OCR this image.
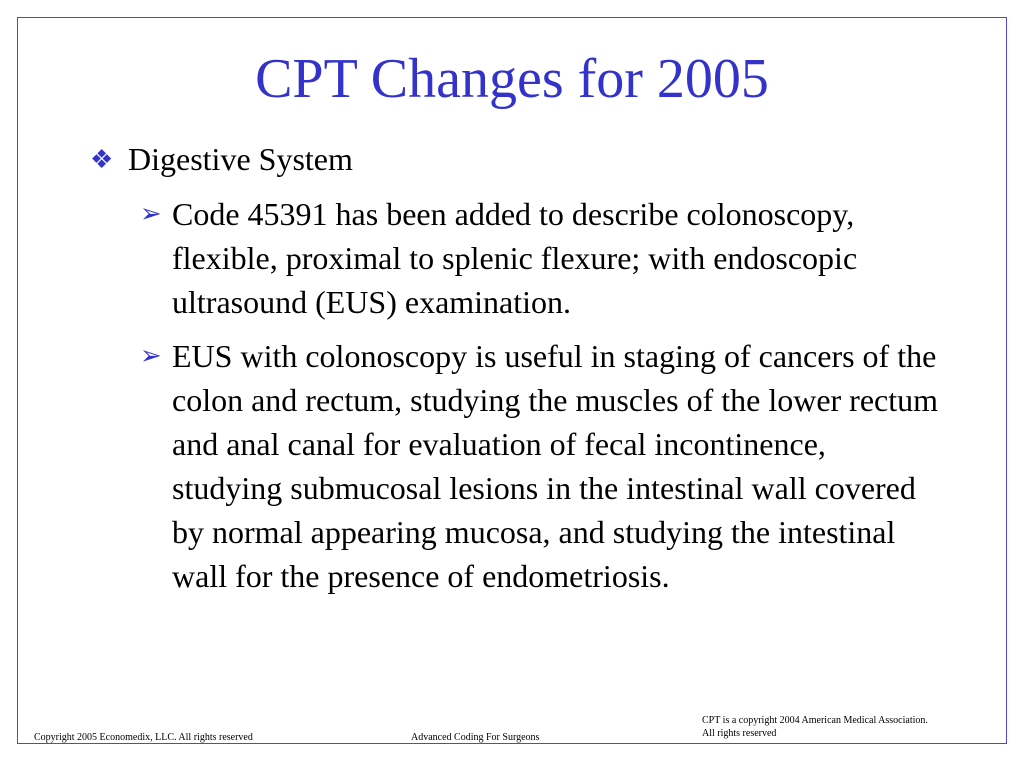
CPT Changes for 2005
❖ Digestive System
➢ Code 45391 has been added to describe colonoscopy, flexible, proximal to splenic flexure; with endoscopic ultrasound (EUS) examination.
➢ EUS with colonoscopy is useful in staging of cancers of the colon and rectum, studying the muscles of the lower rectum and anal canal for evaluation of fecal incontinence, studying submucosal lesions in the intestinal wall covered by normal appearing mucosa, and studying the intestinal wall for the presence of endometriosis.
Copyright 2005 Economedix, LLC. All rights reserved	Advanced Coding For Surgeons
CPT is a copyright 2004 American Medical Association.
All rights reserved
